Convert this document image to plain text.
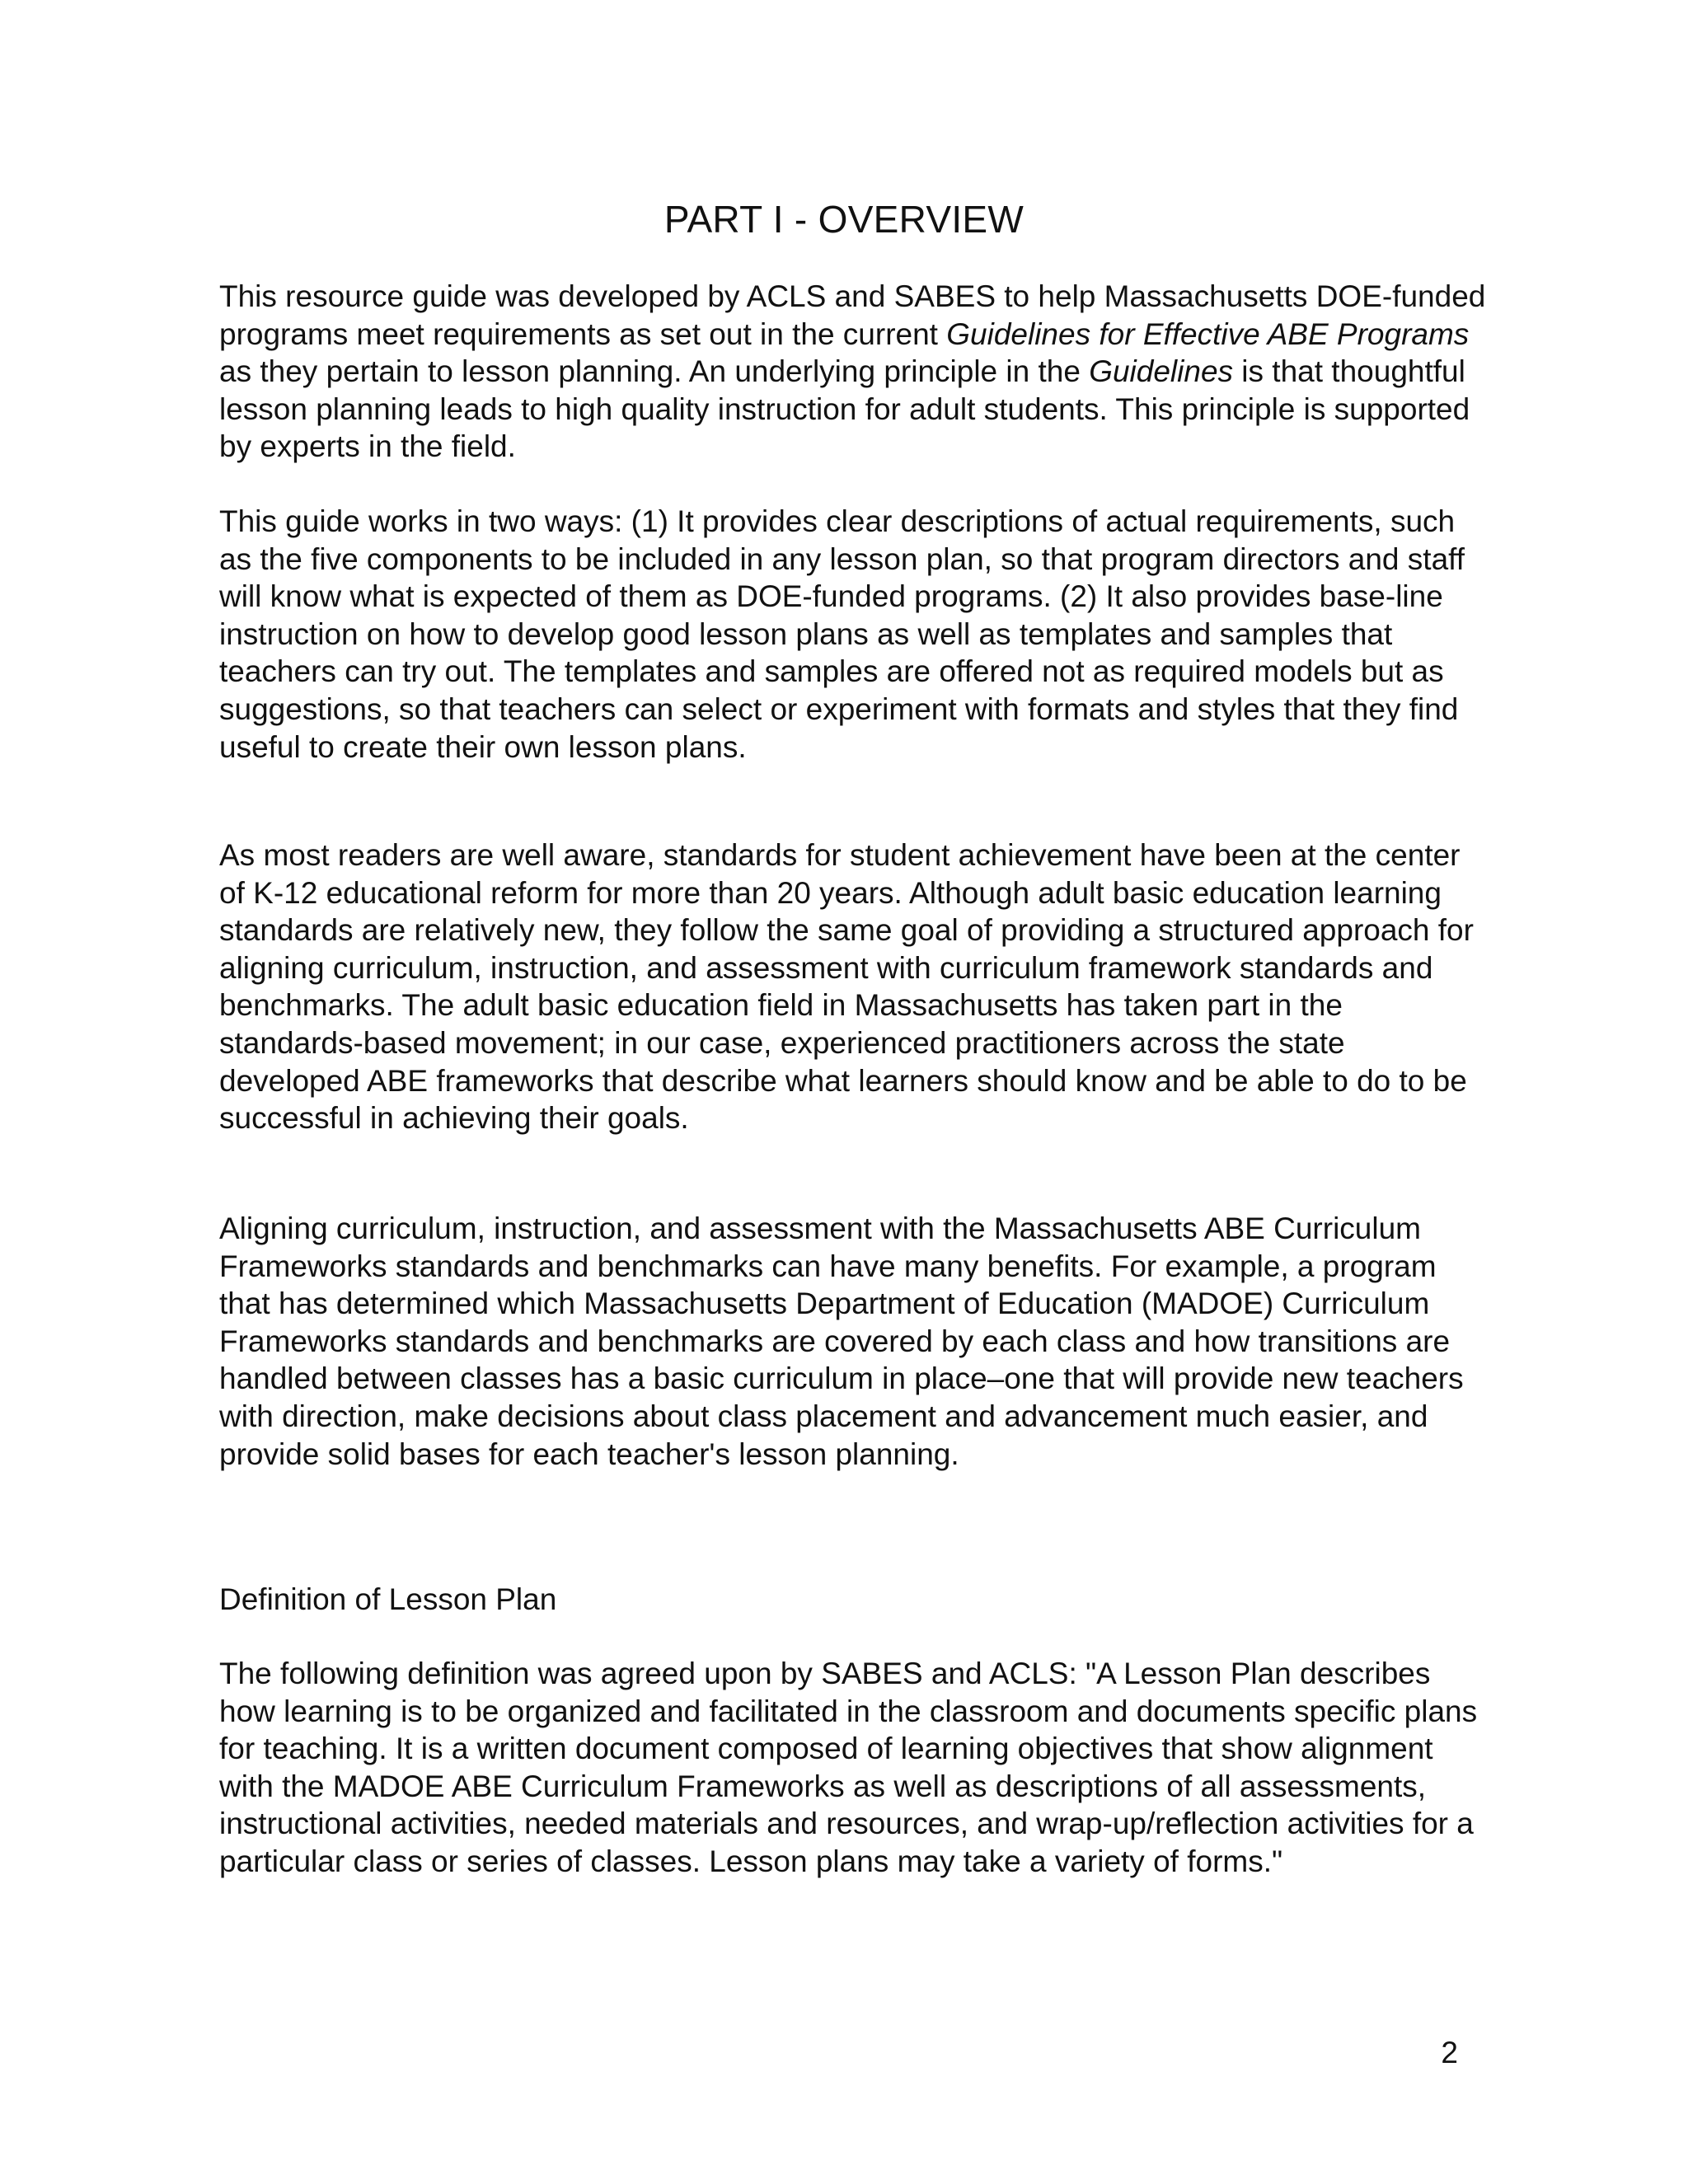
PART I - OVERVIEW

This resource guide was developed by ACLS and SABES to help Massachusetts DOE-funded programs meet requirements as set out in the current Guidelines for Effective ABE Programs as they pertain to lesson planning. An underlying principle in the Guidelines is that thoughtful lesson planning leads to high quality instruction for adult students. This principle is supported by experts in the field.

This guide works in two ways: (1) It provides clear descriptions of actual requirements, such as the five components to be included in any lesson plan, so that program directors and staff will know what is expected of them as DOE-funded programs. (2) It also provides base-line instruction on how to develop good lesson plans as well as templates and samples that teachers can try out. The templates and samples are offered not as required models but as suggestions, so that teachers can select or experiment with formats and styles that they find useful to create their own lesson plans.

As most readers are well aware, standards for student achievement have been at the center of K-12 educational reform for more than 20 years. Although adult basic education learning standards are relatively new, they follow the same goal of providing a structured approach for aligning curriculum, instruction, and assessment with curriculum framework standards and benchmarks. The adult basic education field in Massachusetts has taken part in the standards-based movement; in our case, experienced practitioners across the state developed ABE frameworks that describe what learners should know and be able to do to be successful in achieving their goals.

Aligning curriculum, instruction, and assessment with the Massachusetts ABE Curriculum Frameworks standards and benchmarks can have many benefits. For example, a program that has determined which Massachusetts Department of Education (MADOE) Curriculum Frameworks standards and benchmarks are covered by each class and how transitions are handled between classes has a basic curriculum in place–one that will provide new teachers with direction, make decisions about class placement and advancement much easier, and provide solid bases for each teacher's lesson planning.

Definition of Lesson Plan

The following definition was agreed upon by SABES and ACLS: "A Lesson Plan describes how learning is to be organized and facilitated in the classroom and documents specific plans for teaching. It is a written document composed of learning objectives that show alignment with the MADOE ABE Curriculum Frameworks as well as descriptions of all assessments, instructional activities, needed materials and resources, and wrap-up/reflection activities for a particular class or series of classes. Lesson plans may take a variety of forms."

2
